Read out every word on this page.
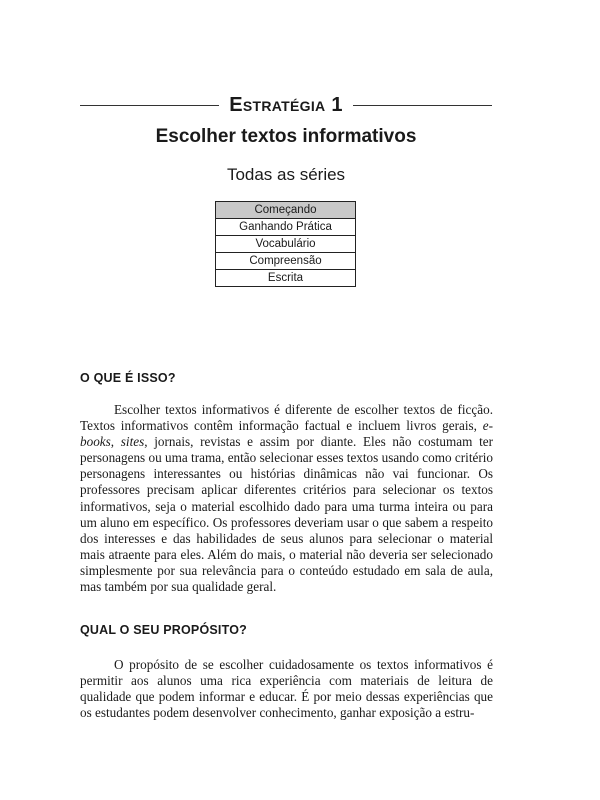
Estratégia 1
Escolher textos informativos
Todas as séries
Começando
Ganhando Prática
Vocabulário
Compreensão
Escrita
O QUE É ISSO?

Escolher textos informativos é diferente de escolher textos de ficção. Textos informativos contêm informação factual e incluem livros gerais, e-books, sites, jornais, revistas e assim por diante. Eles não costumam ter personagens ou uma trama, então selecionar esses textos usando como critério personagens interessantes ou histórias dinâmicas não vai funcionar. Os professores precisam aplicar diferentes critérios para selecionar os textos informativos, seja o material escolhido dado para uma turma inteira ou para um aluno em específico. Os professores deveriam usar o que sabem a respeito dos interesses e das habilidades de seus alunos para selecionar o material mais atraente para eles. Além do mais, o material não deveria ser selecionado simplesmente por sua relevância para o conteúdo estudado em sala de aula, mas também por sua qualidade geral.

QUAL O SEU PROPÓSITO?

O propósito de se escolher cuidadosamente os textos informativos é permitir aos alunos uma rica experiência com materiais de leitura de qualidade que podem informar e educar. É por meio dessas experiências que os estudantes podem desenvolver conhecimento, ganhar exposição a estru-
